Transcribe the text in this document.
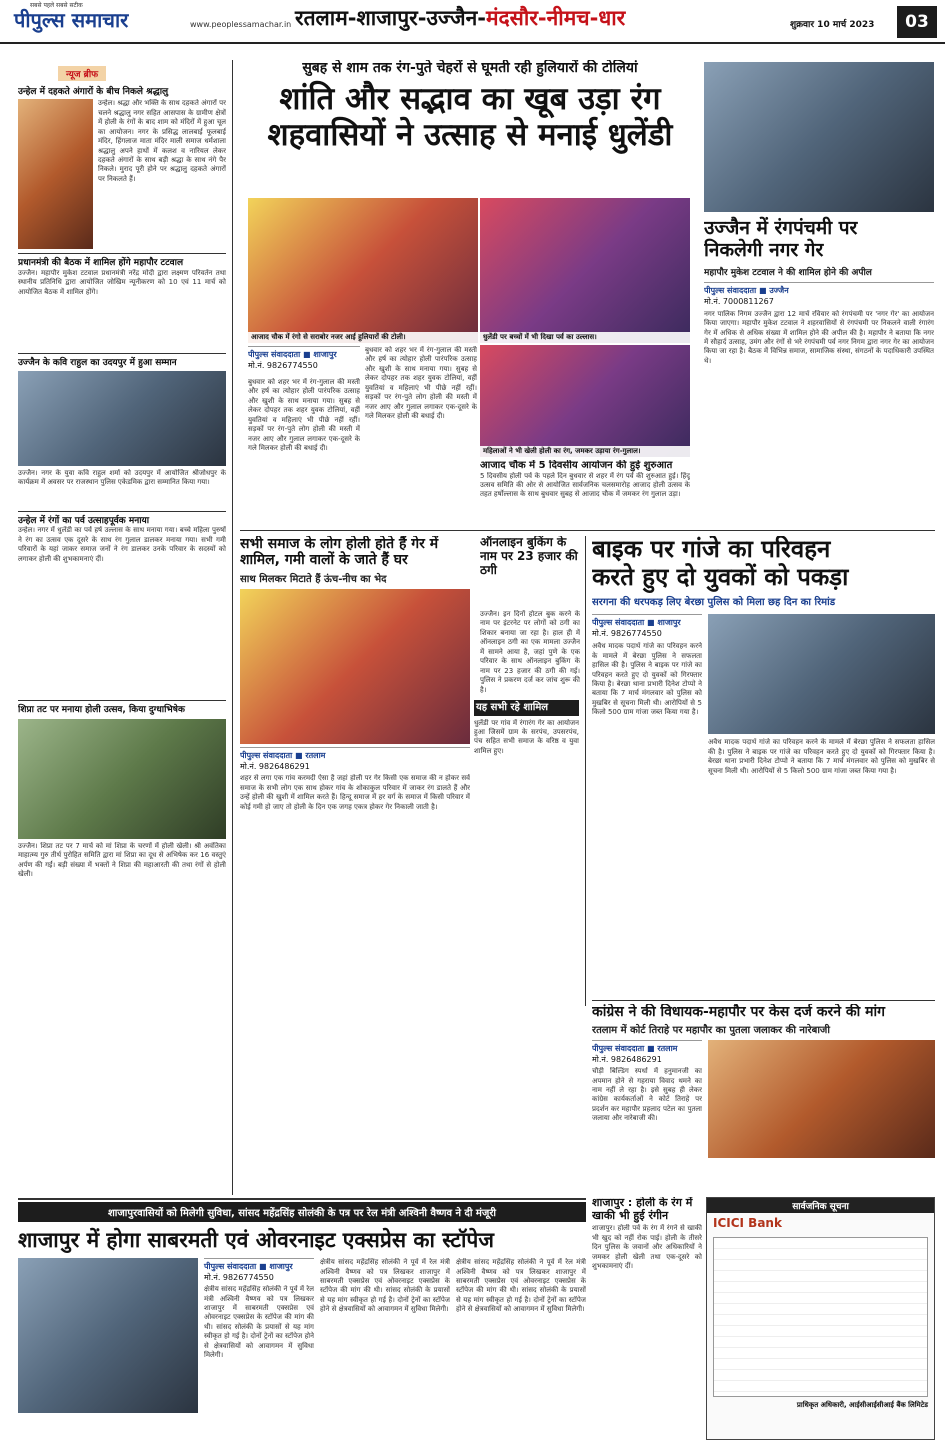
सबसे पहले सबसे सटीक
पीपुल्स समाचार	www.peoplessamachar.in रतलाम-शाजापुर-उज्जैन-मंदसौर-नीमच-धार	शुक्रवार 10 मार्च 2023	03
न्यूज ब्रीफ
उन्हेल में दहकते अंगारों के बीच निकले श्रद्धालु
उन्हेल। श्रद्धा और भक्ति के साथ दहकते अंगारों पर चलने श्रद्धालु नगर सहित आसपास के ग्रामीण क्षेत्रों में होली के रंगों के बाद शाम को मंदिरों में हुआ चूल का आयोजन। नगर के प्रसिद्ध लालबाई फूलबाई मंदिर, हिंगलाज माता मंदिर माली समाज धर्मशाला श्रद्धालु अपने हाथों में कलश व नारियल लेकर दहकते अंगारों के साथ बड़ी श्रद्धा के साथ नंगे पैर निकले। मुराद पूरी होने पर श्रद्धालु दहकते अंगारों पर निकलते हैं।
प्रधानमंत्री की बैठक में शामिल होंगे महापौर टटवाल
उज्जैन। महापौर मुकेश टटवाल प्रधानमंत्री नरेंद्र मोदी द्वारा लक्ष्मण परिवर्तन तथा स्थानीय प्रतिनिधि द्वारा आयोजित जोखिम न्यूनीकरण को 10 एवं 11 मार्च को आयोजित बैठक में शामिल होंगे।
उज्जैन के कवि राहुल का उदयपुर में हुआ सम्मान
उज्जैन। नगर के युवा कवि राहुल शर्मा को उदयपुर में आयोजित श्रीजोधपुर के कार्यक्रम में अवसर पर राजस्थान पुलिस एकेडमिक द्वारा सम्मानित किया गया।
उन्हेल में रंगों का पर्व उत्साहपूर्वक मनाया
उन्हेल। नगर में धुलेंडी का पर्व हर्ष उल्लास के साथ मनाया गया। बच्चे महिला पुरुषों ने रंग का उत्सव एक दूसरे के साथ रंग गुलाल डालकर मनाया गया। सभी गमी परिवारों के यहां जाकर समाज जनों ने रंग डालकर उनके परिवार के सदस्यों को लगाकर होली की शुभकामनाएं दीं।
शिप्रा तट पर मनाया होली उत्सव, किया दुग्धाभिषेक
उज्जैन। शिप्रा तट पर 7 मार्च को मां शिप्रा के चरणों में होली खेली। श्री अवंतिका माहात्म्य गुरु तीर्थ पुरोहित समिति द्वारा मां शिप्रा का दूध से अभिषेक कर 16 वस्तुएं अर्पण की गईं। बड़ी संख्या में भक्तों ने शिप्रा की महाआरती की तथा रंगों से होली खेली।
सुबह से शाम तक रंग-पुते चेहरों से घूमती रही हुलियारों की टोलियां
शांति और सद्भाव का खूब उड़ा रंग
शहवासियों ने उत्साह से मनाई धुलेंडी
आजाद चौक में रंगो से सराबोर नजर आई हुलियारों की टोली।	धुलेंडी पर बच्चों में भी दिखा पर्व का उल्लास।
पीपुल्स संवाददाता ■ शाजापुर
मो.नं. 9826774550
बुधवार को शहर भर में रंग-गुलाल की मस्ती और हर्ष का त्योहार होली पारंपरिक उत्साह और खुशी के साथ मनाया गया। सुबह से लेकर दोपहर तक शहर युवक टोलियां, वहीं युवतियां व महिलाएं भी पीछे नहीं रहीं। सड़कों पर रंग-पुते लोग होली की मस्ती में नजर आए और गुलाल लगाकर एक-दूसरे के गले मिलकर होली की बधाई दी।
बुधवार को शहर भर में रंग-गुलाल की मस्ती और हर्ष का त्योहार होली पारंपरिक उत्साह और खुशी के साथ मनाया गया। सुबह से लेकर दोपहर तक शहर युवक टोलियां, वहीं युवतियां व महिलाएं भी पीछे नहीं रहीं। सड़कों पर रंग-पुते लोग होली की मस्ती में नजर आए और गुलाल लगाकर एक-दूसरे के गले मिलकर होली की बधाई दी।
महिलाओं ने भी खेली होली का रंग, जमकर उड़ाया रंग-गुलाल।
आजाद चौक में 5 दिवसीय आयोजन की हुई शुरुआत
5 दिवसीय होली पर्व के पहले दिन बुधवार से शहर में रंग पर्व की शुरुआत हुई। हिंदू उत्सव समिति की ओर से आयोजित सार्वजनिक चलसमारोह आजाद होली उत्सव के तहत हर्षोल्लास के साथ बुधवार सुबह से आजाद चौक में जमकर रंग गुलाल उड़ा।
उज्जैन में रंगपंचमी पर
निकलेगी नगर गेर
महापौर मुकेश टटवाल ने की शामिल होने की अपील
पीपुल्स संवाददाता ■ उज्जैन
मो.नं. 7000811267
नगर पालिक निगम उज्जैन द्वारा 12 मार्च रविवार को रंगपंचमी पर 'नगर गेर' का आयोजन किया जाएगा। महापौर मुकेश टटवाल ने शहरवासियों से रंगपंचमी पर निकलने वाली रंगारंग गेर में अधिक से अधिक संख्या में शामिल होने की अपील की है। महापौर ने बताया कि नगर में सौहार्द उत्साह, उमंग और रंगों से भरे रंगपंचमी पर्व नगर निगम द्वारा नगर गेर का आयोजन किया जा रहा है। बैठक में विभिन्न समाज, सामाजिक संस्था, संगठनों के पदाधिकारी उपस्थित थे।
सभी समाज के लोग होली होते हैं गेर में शामिल, गमी वालों के जाते हैं घर
साथ मिलकर मिटाते हैं ऊंच-नीच का भेद
पीपुल्स संवाददाता ■ रतलाम
मो.नं. 9826486291
शहर से लगा एक गांव करमदी ऐसा है जहां होली पर गेर किसी एक समाज की न होकर सर्व समाज के सभी लोग एक साथ होकर गांव के शोकाकुल परिवार में जाकर रंग डालते हैं और उन्हें होली की खुशी में शामिल करते हैं। हिन्दू समाज में हर वर्ग के समाज में किसी परिवार में कोई गमी हो जाए तो होली के दिन एक जगह एकत्र होकर गेर निकाली जाती है।
यह सभी रहे शामिल
धुलेंडी पर गांव में रंगारंग गेर का आयोजन हुआ जिसमें ग्राम के सरपंच, उपसरपंच, पंच सहित सभी समाज के वरिष्ठ व युवा शामिल हुए।
ऑनलाइन बुकिंग के नाम पर 23 हजार की ठगी
उज्जैन। इन दिनों होटल बुक करने के नाम पर इंटरनेट पर लोगों को ठगी का शिकार बनाया जा रहा है। हाल ही में ऑनलाइन ठगी का एक मामला उज्जैन में सामने आया है, जहां पुणे के एक परिवार के साथ ऑनलाइन बुकिंग के नाम पर 23 हजार की ठगी की गई। पुलिस ने प्रकरण दर्ज कर जांच शुरू की है।
बाइक पर गांजे का परिवहन
करते हुए दो युवकों को पकड़ा
सरगना की धरपकड़ लिए बेरछा पुलिस को मिला छह दिन का रिमांड
पीपुल्स संवाददाता ■ शाजापुर
मो.नं. 9826774550
अवैध मादक पदार्थ गांजे का परिवहन करने के मामले में बेरछा पुलिस ने सफलता हासिल की है। पुलिस ने बाइक पर गांजे का परिवहन करते हुए दो युवकों को गिरफ्तार किया है। बेरछा थाना प्रभारी दिनेश टोप्पो ने बताया कि 7 मार्च मंगलवार को पुलिस को मुखबिर से सूचना मिली थी। आरोपियों से 5 किलो 500 ग्राम गांजा जब्त किया गया है।
अवैध मादक पदार्थ गांजे का परिवहन करने के मामले में बेरछा पुलिस ने सफलता हासिल की है। पुलिस ने बाइक पर गांजे का परिवहन करते हुए दो युवकों को गिरफ्तार किया है। बेरछा थाना प्रभारी दिनेश टोप्पो ने बताया कि 7 मार्च मंगलवार को पुलिस को मुखबिर से सूचना मिली थी। आरोपियों से 5 किलो 500 ग्राम गांजा जब्त किया गया है।
कांग्रेस ने की विधायक-महापौर पर केस दर्ज करने की मांग
रतलाम में कोर्ट तिराहे पर महापौर का पुतला जलाकर की नारेबाजी
पीपुल्स संवाददाता ■ रतलाम
मो.नं. 9826486291
चौड़ी बिल्डिंग स्पर्धा में हनुमानजी का अपमान होने से गहराया विवाद थमने का नाम नहीं ले रहा है। इसे सुबह ही लेकर कांग्रेस कार्यकर्ताओं ने कोर्ट तिराहे पर प्रदर्शन कर महापौर प्रहलाद पटेल का पुतला जलाया और नारेबाजी की।
शाजापुर : होली के रंग में खाकी भी हुई रंगीन
शाजापुर। होली पर्व के रंग में रंगने से खाकी भी खुद को नहीं रोक पाई। होली के तीसरे दिन पुलिस के जवानों और अधिकारियों ने जमकर होली खेली तथा एक-दूसरे को शुभकामनाएं दीं।
सार्वजनिक सूचना
ICICI Bank
प्राधिकृत अधिकारी, आईसीआईसीआई बैंक लिमिटेड
शाजापुरवासियों को मिलेगी सुविधा, सांसद महेंद्रसिंह सोलंकी के पत्र पर रेल मंत्री अश्विनी वैष्णव ने दी मंजूरी
शाजापुर में होगा साबरमती एवं ओवरनाइट एक्सप्रेस का स्टॉपेज
पीपुल्स संवाददाता ■ शाजापुर
मो.नं. 9826774550
क्षेत्रीय सांसद महेंद्रसिंह सोलंकी ने पूर्व में रेल मंत्री अश्विनी वैष्णव को पत्र लिखकर शाजापुर में साबरमती एक्सप्रेस एवं ओवरनाइट एक्सप्रेस के स्टॉपेज की मांग की थी। सांसद सोलंकी के प्रयासों से यह मांग स्वीकृत हो गई है। दोनों ट्रेनों का स्टॉपेज होने से क्षेत्रवासियों को आवागमन में सुविधा मिलेगी।
क्षेत्रीय सांसद महेंद्रसिंह सोलंकी ने पूर्व में रेल मंत्री अश्विनी वैष्णव को पत्र लिखकर शाजापुर में साबरमती एक्सप्रेस एवं ओवरनाइट एक्सप्रेस के स्टॉपेज की मांग की थी। सांसद सोलंकी के प्रयासों से यह मांग स्वीकृत हो गई है। दोनों ट्रेनों का स्टॉपेज होने से क्षेत्रवासियों को आवागमन में सुविधा मिलेगी।
क्षेत्रीय सांसद महेंद्रसिंह सोलंकी ने पूर्व में रेल मंत्री अश्विनी वैष्णव को पत्र लिखकर शाजापुर में साबरमती एक्सप्रेस एवं ओवरनाइट एक्सप्रेस के स्टॉपेज की मांग की थी। सांसद सोलंकी के प्रयासों से यह मांग स्वीकृत हो गई है। दोनों ट्रेनों का स्टॉपेज होने से क्षेत्रवासियों को आवागमन में सुविधा मिलेगी।
